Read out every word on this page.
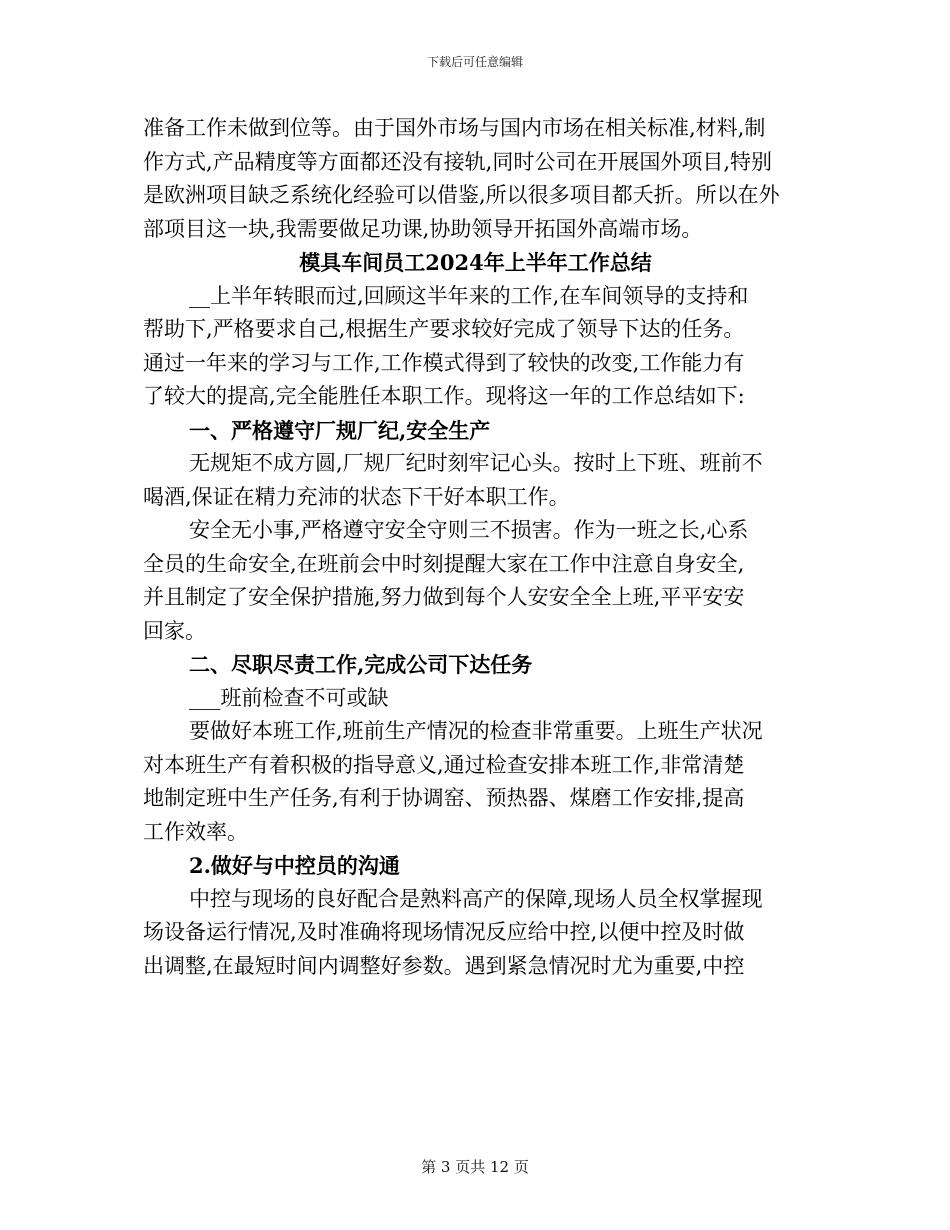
下载后可任意编辑
准备工作未做到位等。由于国外市场与国内市场在相关标准,材料,制
作方式,产品精度等方面都还没有接轨,同时公司在开展国外项目,特别
是欧洲项目缺乏系统化经验可以借鉴,所以很多项目都夭折。所以在外
部项目这一块,我需要做足功课,协助领导开拓国外高端市场。
模具车间员工2024年上半年工作总结
__上半年转眼而过,回顾这半年来的工作,在车间领导的支持和
帮助下,严格要求自己,根据生产要求较好完成了领导下达的任务。
通过一年来的学习与工作,工作模式得到了较快的改变,工作能力有
了较大的提高,完全能胜任本职工作。现将这一年的工作总结如下:
一、严格遵守厂规厂纪,安全生产
无规矩不成方圆,厂规厂纪时刻牢记心头。按时上下班、班前不
喝酒,保证在精力充沛的状态下干好本职工作。
安全无小事,严格遵守安全守则三不损害。作为一班之长,心系
全员的生命安全,在班前会中时刻提醒大家在工作中注意自身安全,
并且制定了安全保护措施,努力做到每个人安安全全上班,平平安安
回家。
二、尽职尽责工作,完成公司下达任务
___班前检查不可或缺
要做好本班工作,班前生产情况的检查非常重要。上班生产状况
对本班生产有着积极的指导意义,通过检查安排本班工作,非常清楚
地制定班中生产任务,有利于协调窑、预热器、煤磨工作安排,提高
工作效率。
2.做好与中控员的沟通
中控与现场的良好配合是熟料高产的保障,现场人员全权掌握现
场设备运行情况,及时准确将现场情况反应给中控,以便中控及时做
出调整,在最短时间内调整好参数。遇到紧急情况时尤为重要,中控
第 3 页共 12 页
